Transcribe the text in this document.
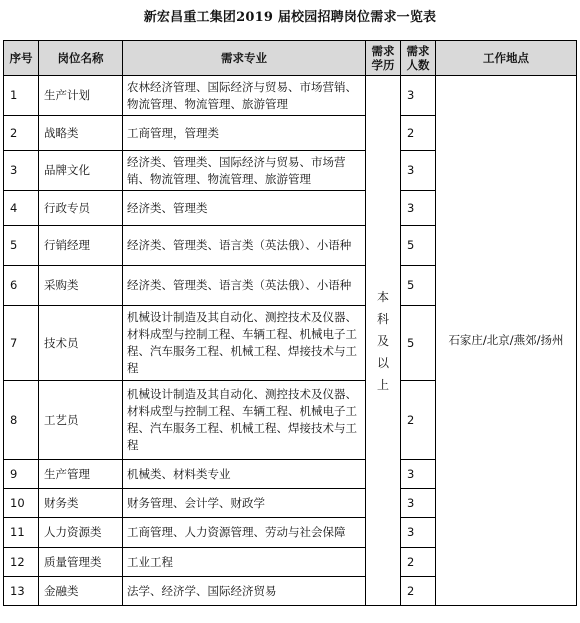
新宏昌重工集团2019 届校园招聘岗位需求一览表
序号	岗位名称	需求专业	需求学历	需求人数	工作地点
1	生产计划	农林经济管理、国际经济与贸易、市场营销、物流管理、物流管理、旅游管理	本科及以上	3	石家庄/北京/燕郊/扬州
2	战略类	工商管理，管理类		2	
3	品牌文化	经济类、管理类、国际经济与贸易、市场营销、物流管理、物流管理、旅游管理		3	
4	行政专员	经济类、管理类		3	
5	行销经理	经济类、管理类、语言类（英法俄）、小语种		5	
6	采购类	经济类、管理类、语言类（英法俄）、小语种		5	
7	技术员	机械设计制造及其自动化、测控技术及仪器、材料成型与控制工程、车辆工程、机械电子工程、汽车服务工程、机械工程、焊接技术与工程		5	
8	工艺员	机械设计制造及其自动化、测控技术及仪器、材料成型与控制工程、车辆工程、机械电子工程、汽车服务工程、机械工程、焊接技术与工程		2	
9	生产管理	机械类、材料类专业		3	
10	财务类	财务管理、会计学、财政学		3	
11	人力资源类	工商管理、人力资源管理、劳动与社会保障		3	
12	质量管理类	工业工程		2	
13	金融类	法学、经济学、国际经济贸易		2	
